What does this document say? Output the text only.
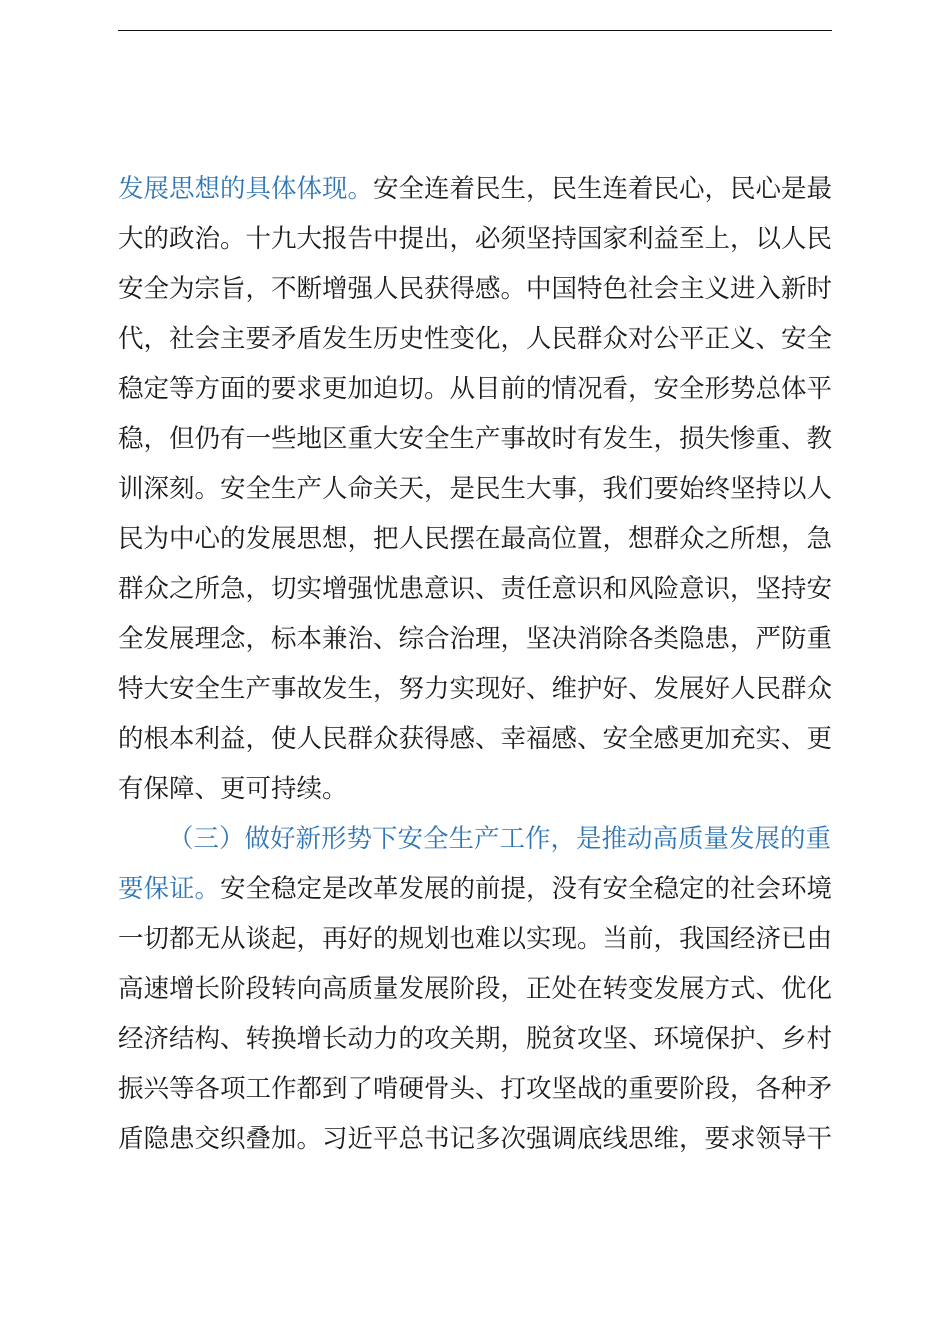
发展思想的具体体现。安全连着民生，民生连着民心，民心是最
大的政治。十九大报告中提出，必须坚持国家利益至上，以人民
安全为宗旨，不断增强人民获得感。中国特色社会主义进入新时
代，社会主要矛盾发生历史性变化，人民群众对公平正义、安全
稳定等方面的要求更加迫切。从目前的情况看，安全形势总体平
稳，但仍有一些地区重大安全生产事故时有发生，损失惨重、教
训深刻。安全生产人命关天，是民生大事，我们要始终坚持以人
民为中心的发展思想，把人民摆在最高位置，想群众之所想，急
群众之所急，切实增强忧患意识、责任意识和风险意识，坚持安
全发展理念，标本兼治、综合治理，坚决消除各类隐患，严防重
特大安全生产事故发生，努力实现好、维护好、发展好人民群众
的根本利益，使人民群众获得感、幸福感、安全感更加充实、更
有保障、更可持续。
（三）做好新形势下安全生产工作，是推动高质量发展的重
要保证。安全稳定是改革发展的前提，没有安全稳定的社会环境
一切都无从谈起，再好的规划也难以实现。当前，我国经济已由
高速增长阶段转向高质量发展阶段，正处在转变发展方式、优化
经济结构、转换增长动力的攻关期，脱贫攻坚、环境保护、乡村
振兴等各项工作都到了啃硬骨头、打攻坚战的重要阶段，各种矛
盾隐患交织叠加。习近平总书记多次强调底线思维，要求领导干
